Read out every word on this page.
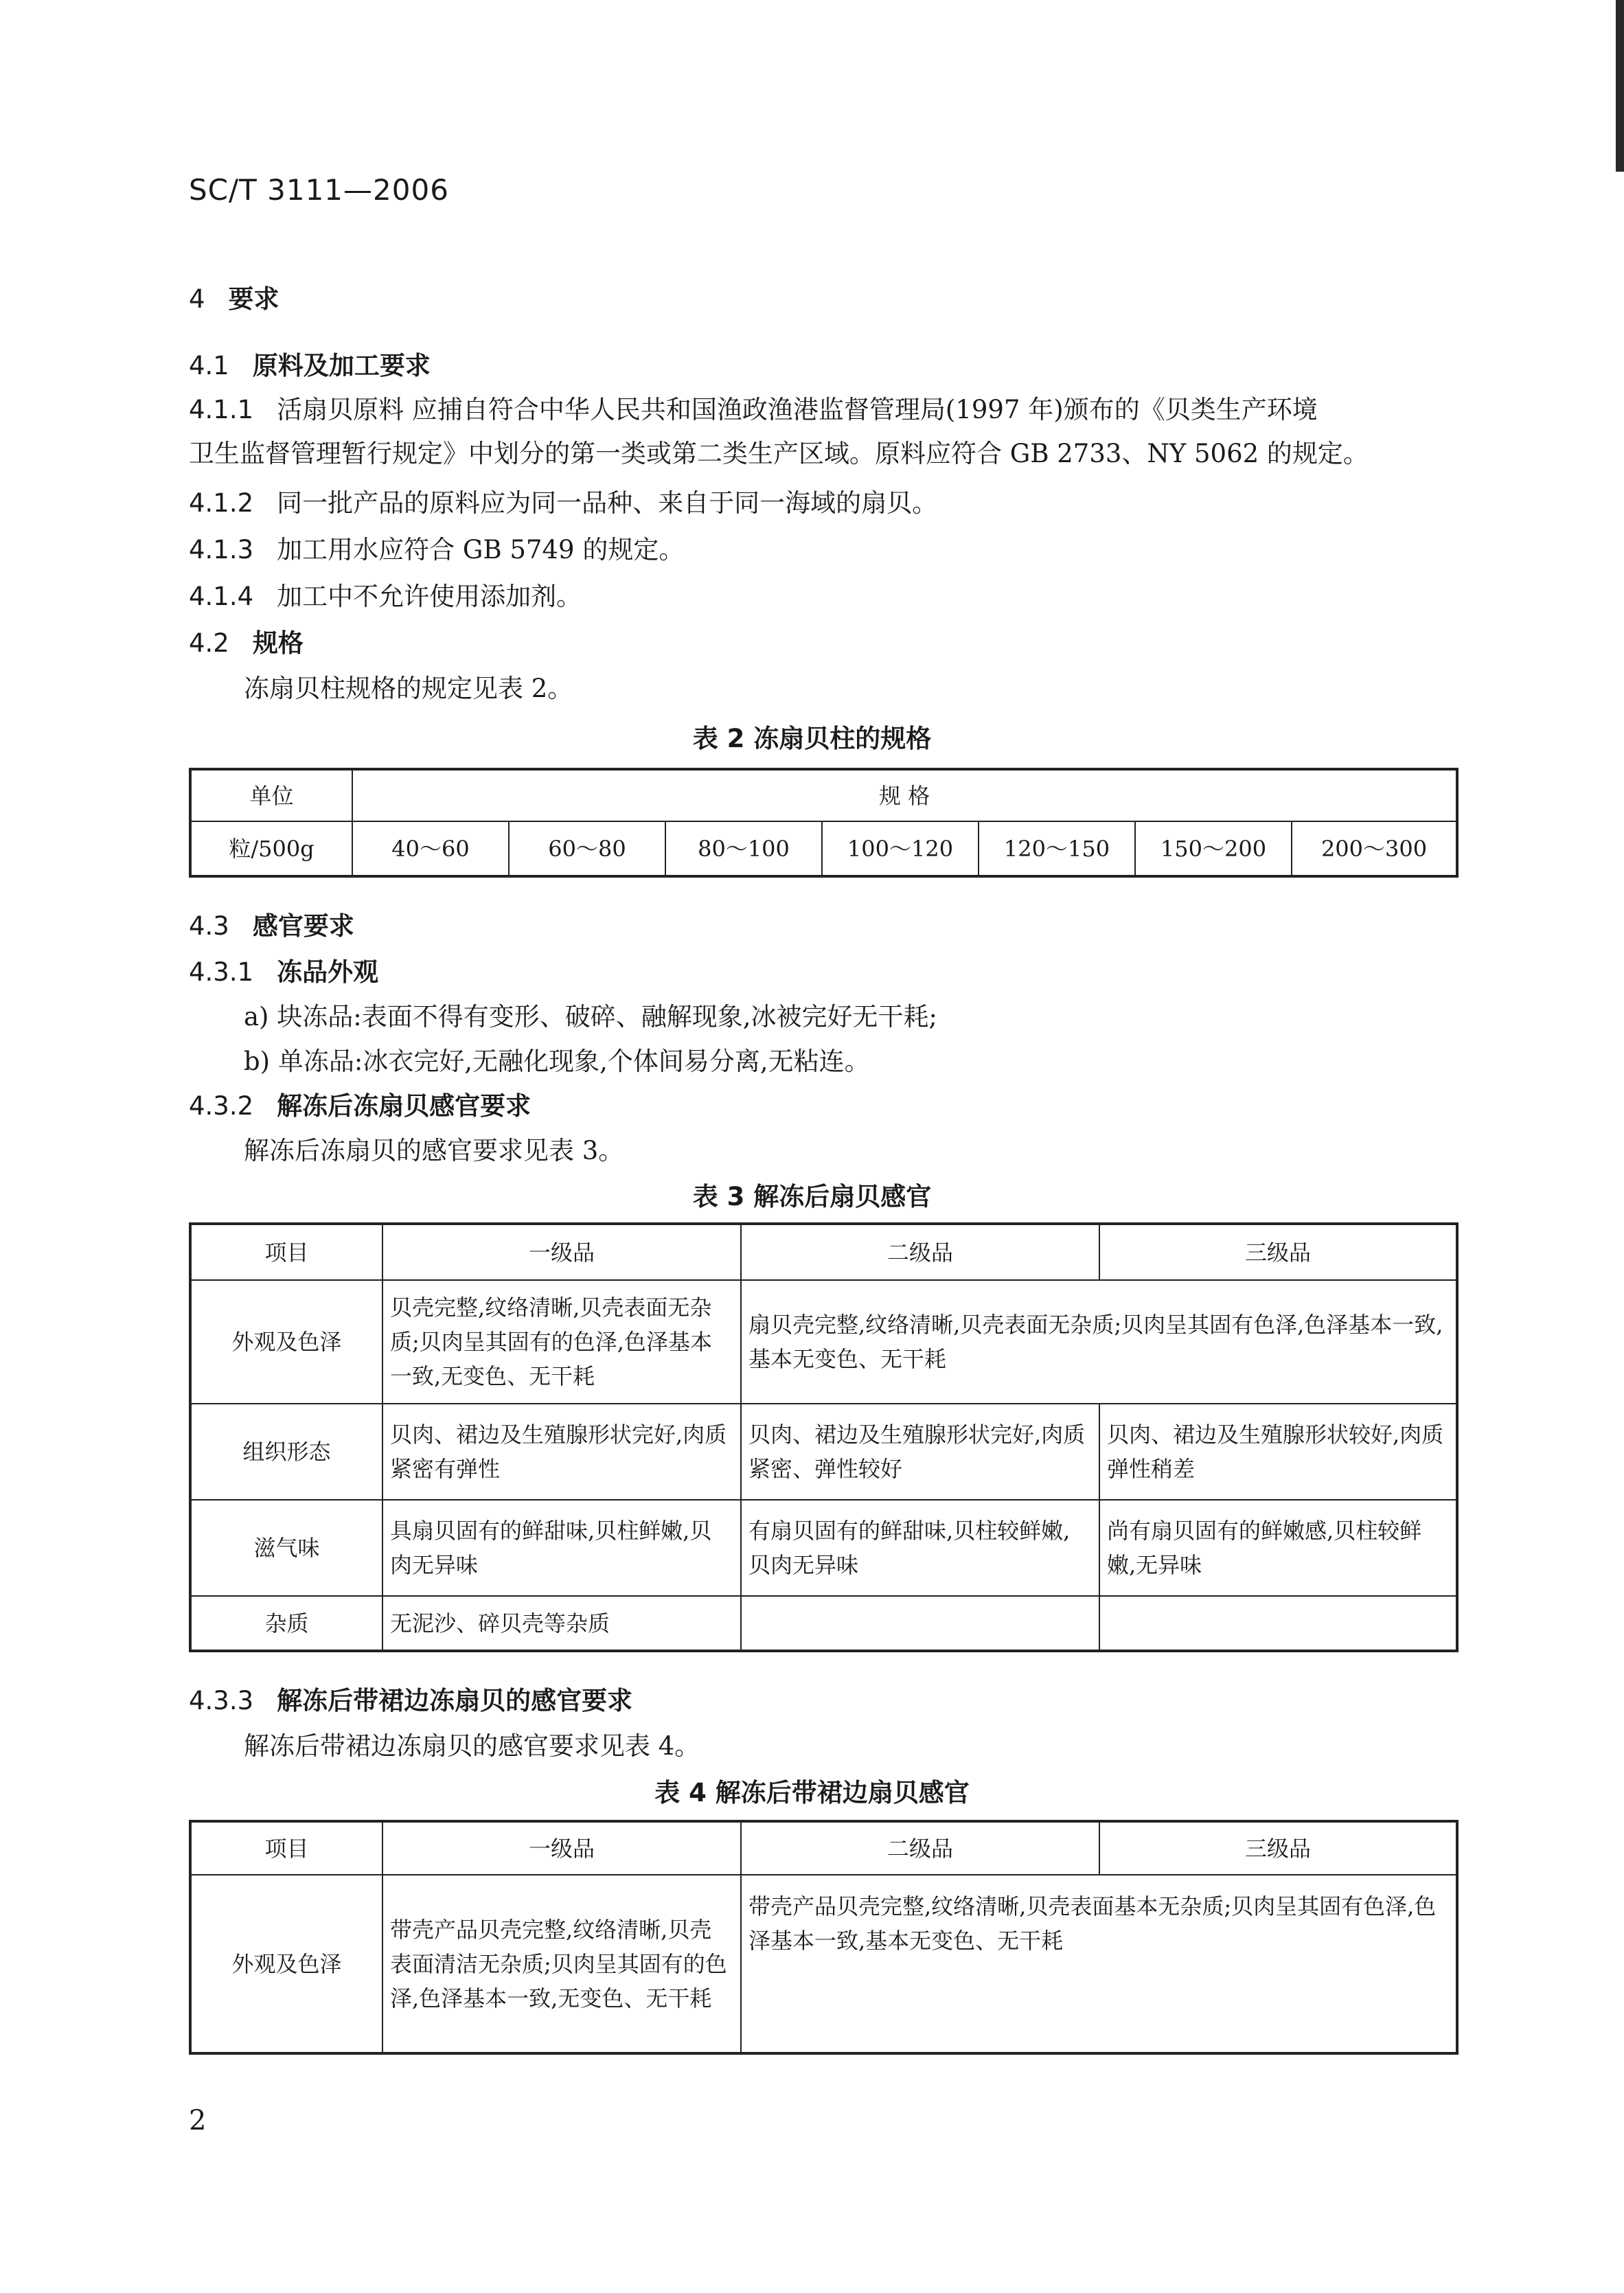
SC/T 3111—2006
4 要求
4.1 原料及加工要求
4.1.1 活扇贝原料 应捕自符合中华人民共和国渔政渔港监督管理局(1997 年)颁布的《贝类生产环境
卫生监督管理暂行规定》中划分的第一类或第二类生产区域。原料应符合 GB 2733、NY 5062 的规定。
4.1.2 同一批产品的原料应为同一品种、来自于同一海域的扇贝。
4.1.3 加工用水应符合 GB 5749 的规定。
4.1.4 加工中不允许使用添加剂。
4.2 规格
冻扇贝柱规格的规定见表 2。
表 2 冻扇贝柱的规格
单位	规 格						
粒/500g	40～60	60～80	80～100	100～120	120～150	150～200	200～300
4.3 感官要求
4.3.1 冻品外观
a) 块冻品:表面不得有变形、破碎、融解现象,冰被完好无干耗;
b) 单冻品:冰衣完好,无融化现象,个体间易分离,无粘连。
4.3.2 解冻后冻扇贝感官要求
解冻后冻扇贝的感官要求见表 3。
表 3 解冻后扇贝感官
项目	一级品	二级品	三级品
外观及色泽	贝壳完整,纹络清晰,贝壳表面无杂质;贝肉呈其固有的色泽,色泽基本一致,无变色、无干耗	扇贝壳完整,纹络清晰,贝壳表面无杂质;贝肉呈其固有色泽,色泽基本一致,基本无变色、无干耗	
组织形态	贝肉、裙边及生殖腺形状完好,肉质紧密有弹性	贝肉、裙边及生殖腺形状完好,肉质紧密、弹性较好	贝肉、裙边及生殖腺形状较好,肉质弹性稍差
滋气味	具扇贝固有的鲜甜味,贝柱鲜嫩,贝肉无异味	有扇贝固有的鲜甜味,贝柱较鲜嫩,贝肉无异味	尚有扇贝固有的鲜嫩感,贝柱较鲜嫩,无异味
杂质	无泥沙、碎贝壳等杂质		
4.3.3 解冻后带裙边冻扇贝的感官要求
解冻后带裙边冻扇贝的感官要求见表 4。
表 4 解冻后带裙边扇贝感官
项目	一级品	二级品	三级品
外观及色泽	带壳产品贝壳完整,纹络清晰,贝壳表面清洁无杂质;贝肉呈其固有的色泽,色泽基本一致,无变色、无干耗	带壳产品贝壳完整,纹络清晰,贝壳表面基本无杂质;贝肉呈其固有色泽,色泽基本一致,基本无变色、无干耗	
2
